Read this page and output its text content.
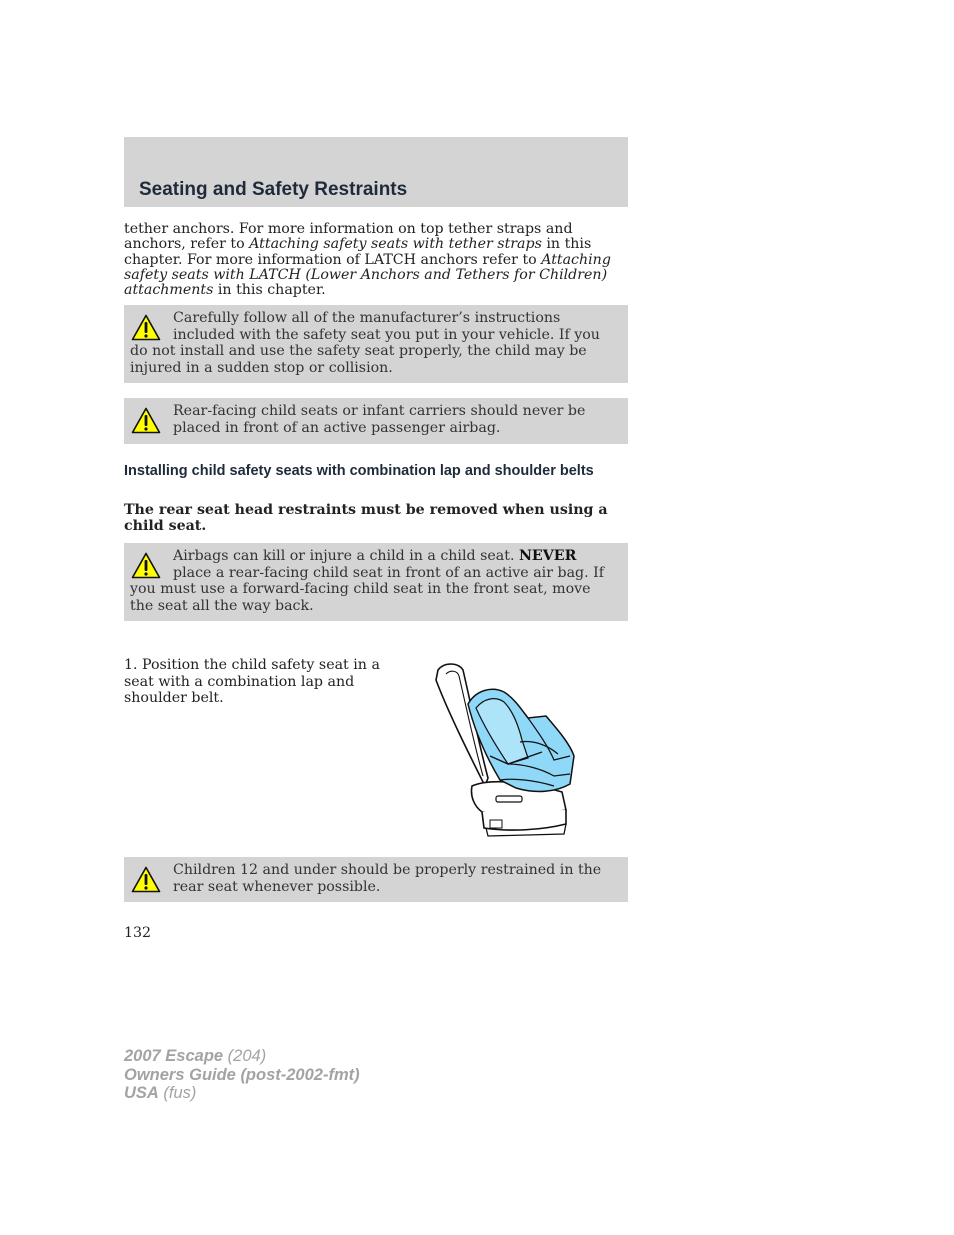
Seating and Safety Restraints

tether anchors. For more information on top tether straps and anchors, refer to Attaching safety seats with tether straps in this chapter. For more information of LATCH anchors refer to Attaching safety seats with LATCH (Lower Anchors and Tethers for Children) attachments in this chapter.

Carefully follow all of the manufacturer’s instructions included with the safety seat you put in your vehicle. If you do not install and use the safety seat properly, the child may be injured in a sudden stop or collision.

Rear-facing child seats or infant carriers should never be placed in front of an active passenger airbag.

Installing child safety seats with combination lap and shoulder belts

The rear seat head restraints must be removed when using a child seat.

Airbags can kill or injure a child in a child seat. NEVER place a rear-facing child seat in front of an active air bag. If you must use a forward-facing child seat in the front seat, move the seat all the way back.

1. Position the child safety seat in a seat with a combination lap and shoulder belt.

Children 12 and under should be properly restrained in the rear seat whenever possible.

132

2007 Escape (204)
Owners Guide (post-2002-fmt)
USA (fus)
